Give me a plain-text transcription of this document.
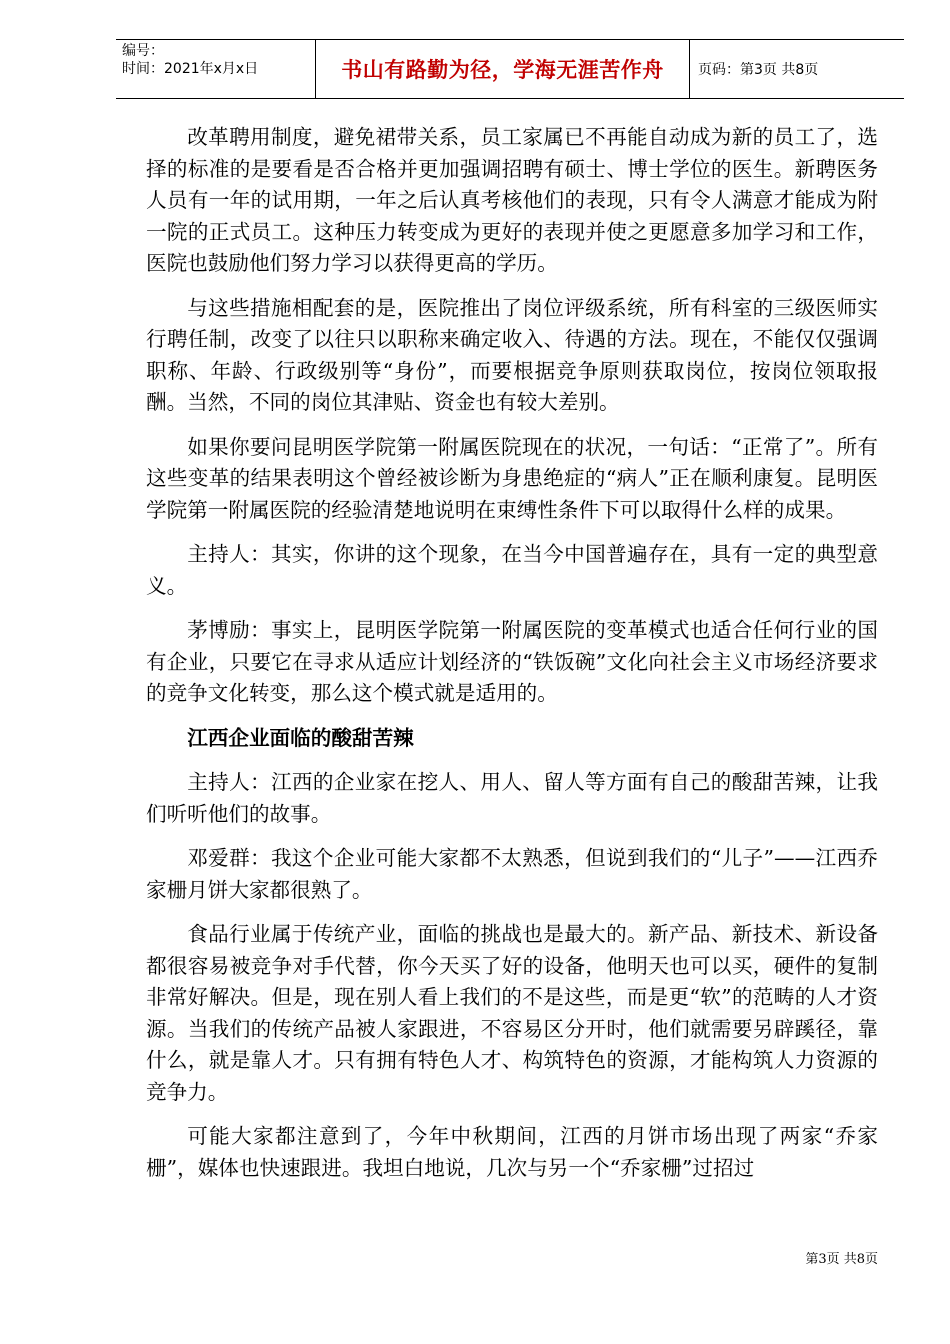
编号：
时间：2021年x月x日	书山有路勤为径，学海无涯苦作舟	页码：第3页 共8页

改革聘用制度，避免裙带关系，员工家属已不再能自动成为新的员工了，选择的标准的是要看是否合格并更加强调招聘有硕士、博士学位的医生。新聘医务人员有一年的试用期，一年之后认真考核他们的表现，只有令人满意才能成为附一院的正式员工。这种压力转变成为更好的表现并使之更愿意多加学习和工作，医院也鼓励他们努力学习以获得更高的学历。

与这些措施相配套的是，医院推出了岗位评级系统，所有科室的三级医师实行聘任制，改变了以往只以职称来确定收入、待遇的方法。现在，不能仅仅强调职称、年龄、行政级别等“身份”，而要根据竞争原则获取岗位，按岗位领取报酬。当然，不同的岗位其津贴、资金也有较大差别。

如果你要问昆明医学院第一附属医院现在的状况，一句话：“正常了”。所有这些变革的结果表明这个曾经被诊断为身患绝症的“病人”正在顺利康复。昆明医学院第一附属医院的经验清楚地说明在束缚性条件下可以取得什么样的成果。

主持人：其实，你讲的这个现象，在当今中国普遍存在，具有一定的典型意义。

茅博励：事实上，昆明医学院第一附属医院的变革模式也适合任何行业的国有企业，只要它在寻求从适应计划经济的“铁饭碗”文化向社会主义市场经济要求的竞争文化转变，那么这个模式就是适用的。

江西企业面临的酸甜苦辣

主持人：江西的企业家在挖人、用人、留人等方面有自己的酸甜苦辣，让我们听听他们的故事。

邓爱群：我这个企业可能大家都不太熟悉，但说到我们的“儿子”——江西乔家栅月饼大家都很熟了。

食品行业属于传统产业，面临的挑战也是最大的。新产品、新技术、新设备都很容易被竞争对手代替，你今天买了好的设备，他明天也可以买，硬件的复制非常好解决。但是，现在别人看上我们的不是这些，而是更“软”的范畴的人才资源。当我们的传统产品被人家跟进，不容易区分开时，他们就需要另辟蹊径，靠什么，就是靠人才。只有拥有特色人才、构筑特色的资源，才能构筑人力资源的竞争力。

可能大家都注意到了，今年中秋期间，江西的月饼市场出现了两家“乔家栅”，媒体也快速跟进。我坦白地说，几次与另一个“乔家栅”过招过

第3页 共8页
